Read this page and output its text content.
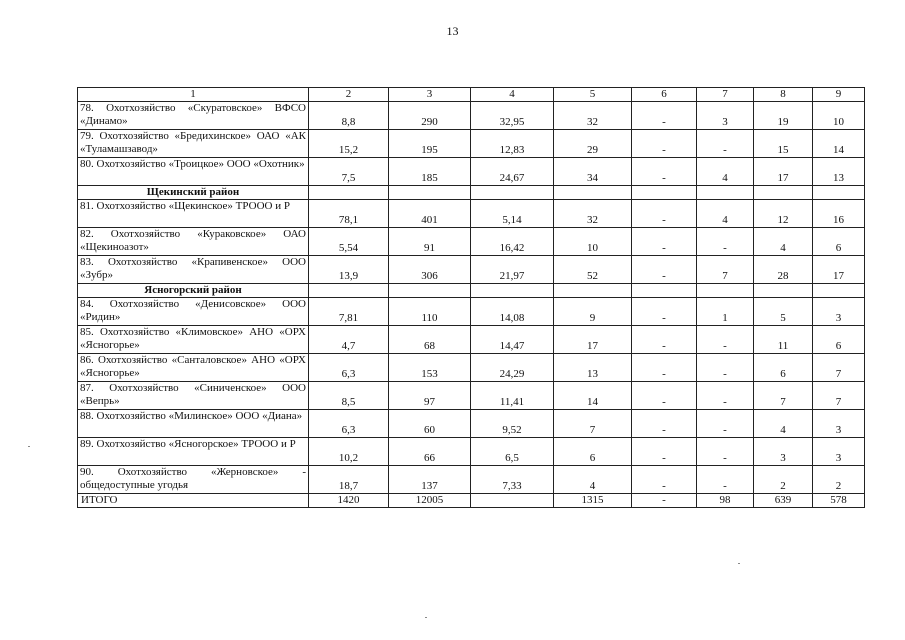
13
1	2	3	4	5	6	7	8	9
78. Охотхозяйство «Скуратовское» ВФСО «Динамо»	8,8	290	32,95	32	-	3	19	10
79. Охотхозяйство «Бредихинское» ОАО «АК «Туламашзавод»	15,2	195	12,83	29	-	-	15	14
80. Охотхозяйство «Троицкое» ООО «Охотник»	7,5	185	24,67	34	-	4	17	13
Щекинский район								
81. Охотхозяйство «Щекинское» ТРООО и Р	78,1	401	5,14	32	-	4	12	16
82. Охотхозяйство «Кураковское» ОАО «Щекиноазот»	5,54	91	16,42	10	-	-	4	6
83. Охотхозяйство «Крапивенское» ООО «Зубр»	13,9	306	21,97	52	-	7	28	17
Ясногорский район								
84. Охотхозяйство «Денисовское» ООО «Ридин»	7,81	110	14,08	9	-	1	5	3
85. Охотхозяйство «Климовское» АНО «ОРХ «Ясногорье»	4,7	68	14,47	17	-	-	11	6
86. Охотхозяйство «Санталовское» АНО «ОРХ «Ясногорье»	6,3	153	24,29	13	-	-	6	7
87. Охотхозяйство «Синиченское» ООО «Вепрь»	8,5	97	11,41	14	-	-	7	7
88. Охотхозяйство «Милинское» ООО «Диана»	6,3	60	9,52	7	-	-	4	3
89. Охотхозяйство «Ясногорское» ТРООО и Р	10,2	66	6,5	6	-	-	3	3
90. Охотхозяйство «Жерновское» - общедоступные угодья	18,7	137	7,33	4	-	-	2	2
ИТОГО	1420	12005		1315	-	98	639	578
